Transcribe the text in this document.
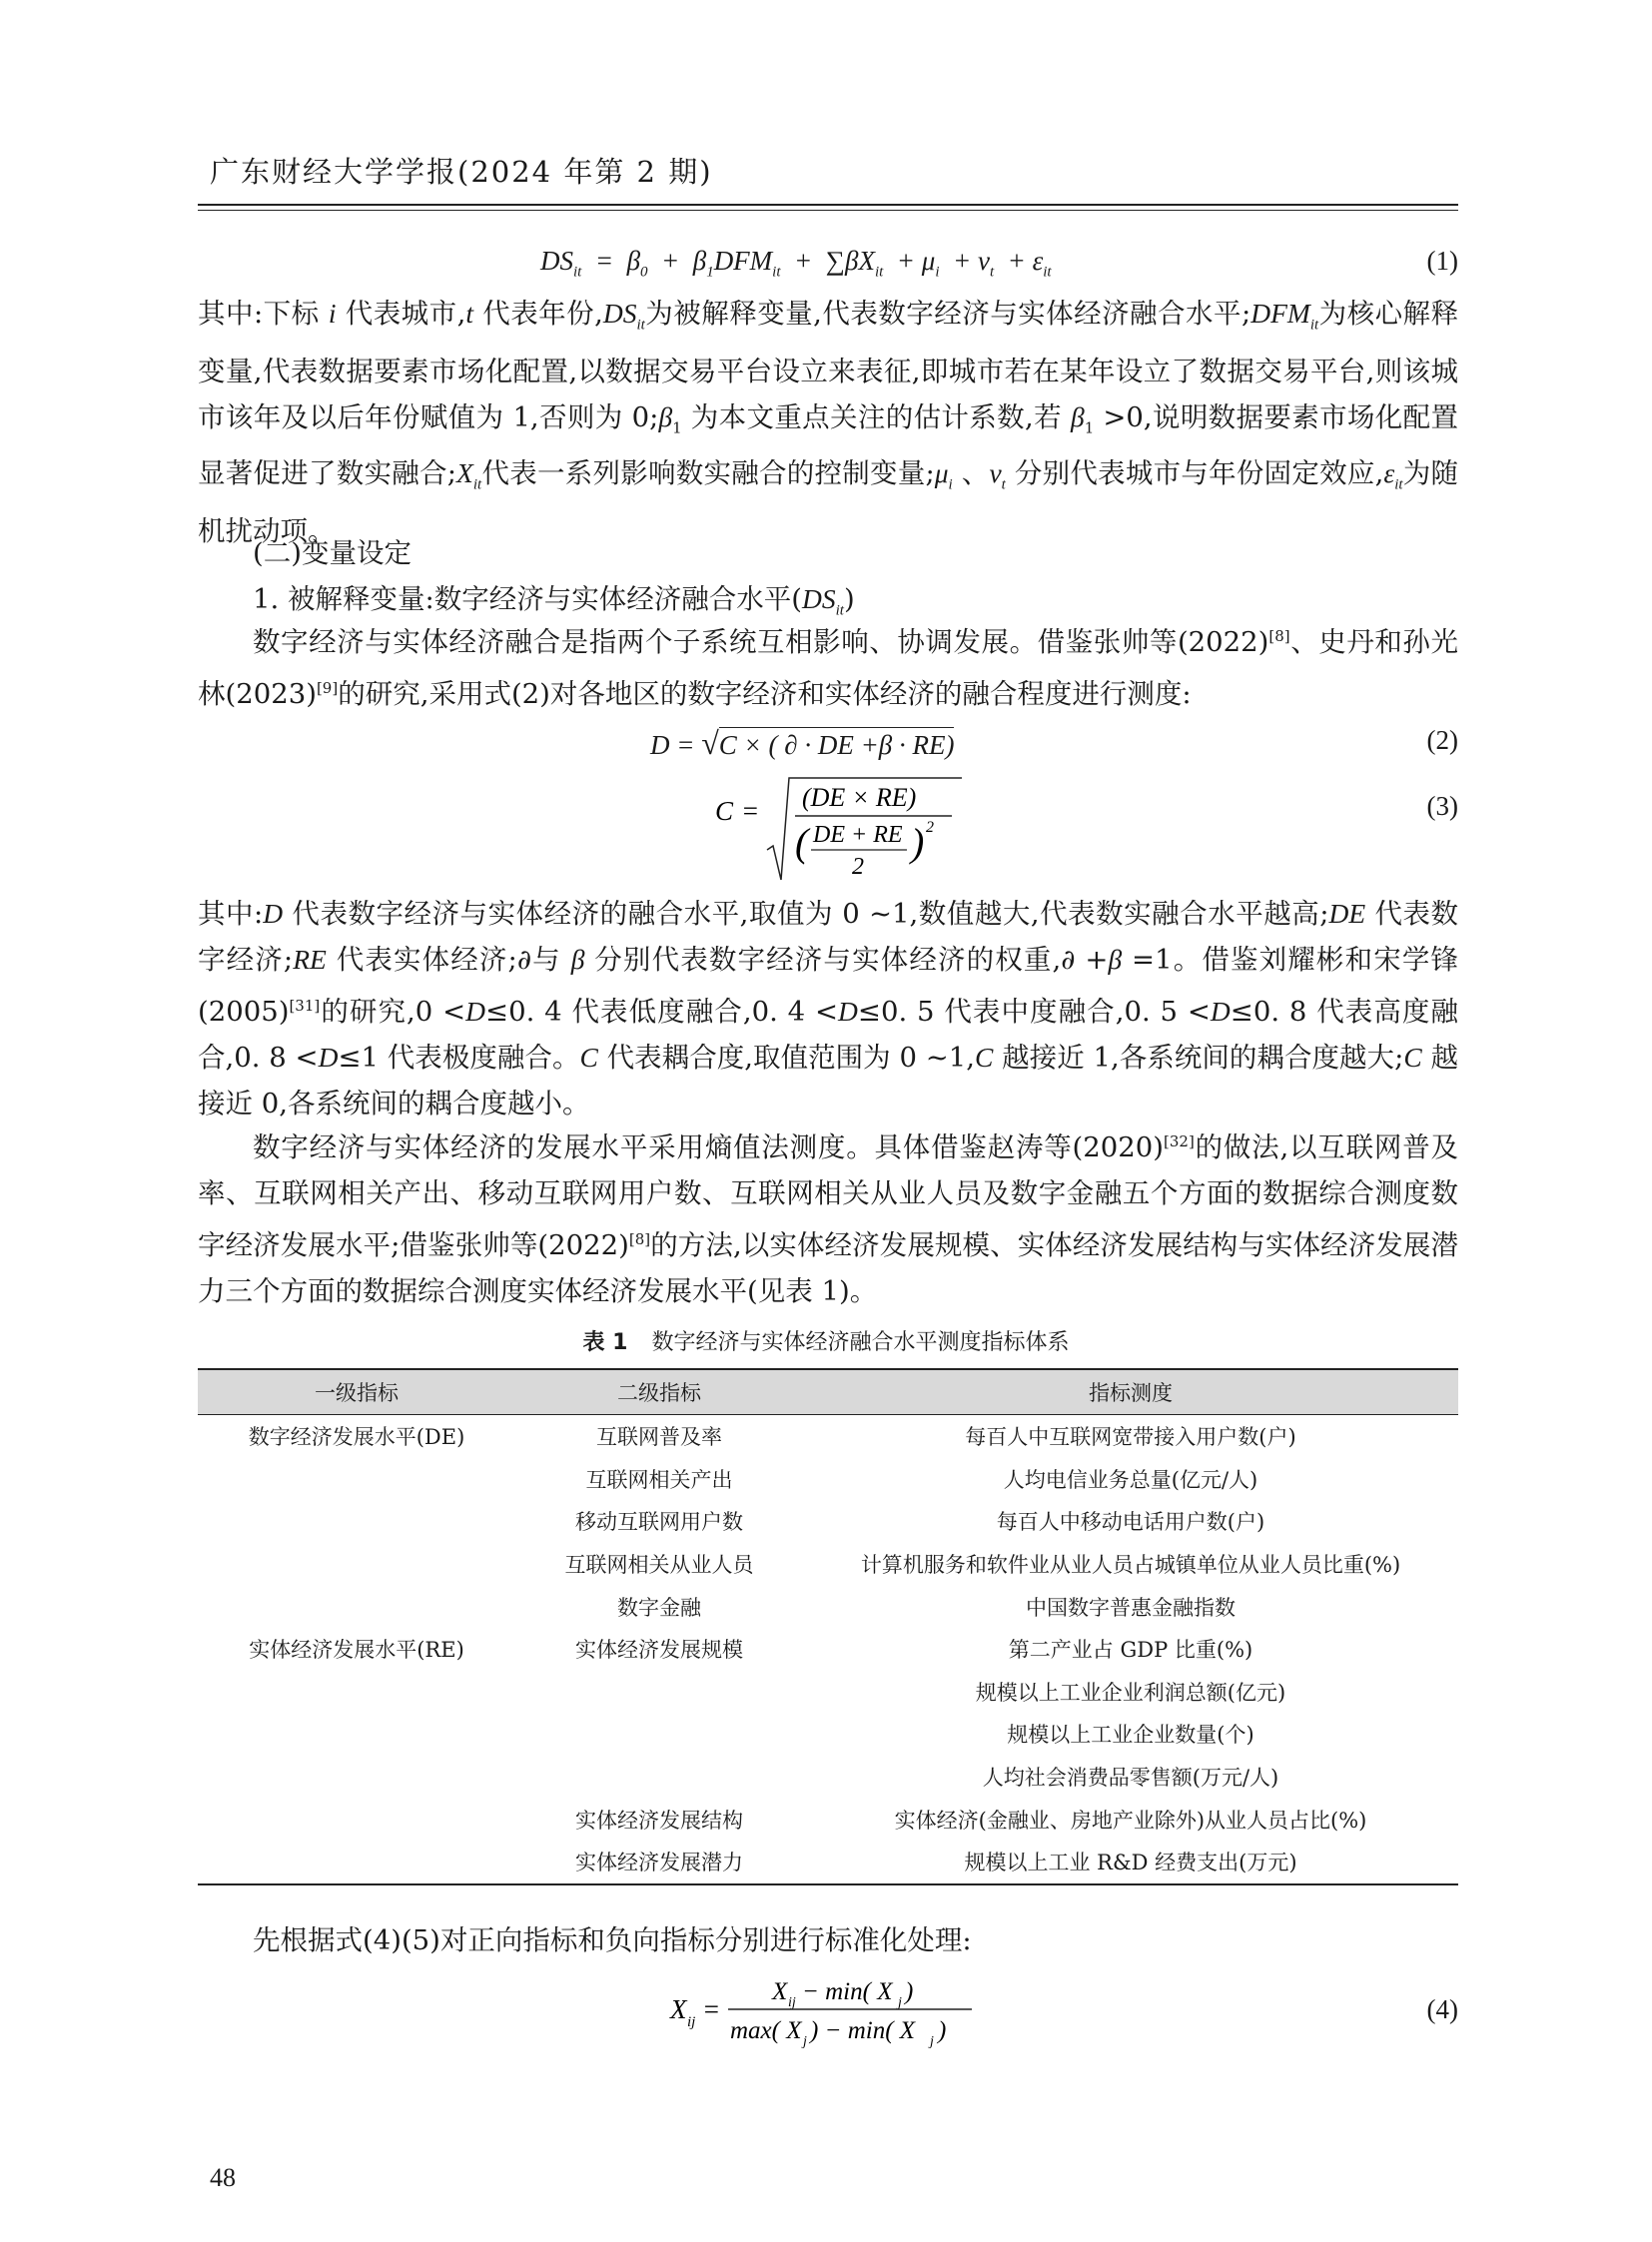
广东财经大学学报(2024 年第 2 期)
$DS_{it} = \beta_0 + \beta_1DFM_{it} + \sum\beta X_{it} + \mu_i + v_t + \varepsilon_{it}$	(1)

其中:下标 i 代表城市,t 代表年份$,DS_{it}$为被解释变量,代表数字经济与实体经济融合水平$;DFM_{it}$为核心解释变量,代表数据要素市场化配置,以数据交易平台设立来表征,即城市若在某年设立了数据交易平台,则该城市该年及以后年份赋值为 1,否则为 $0;\beta_1$ 为本文重点关注的估计系数,若 $\beta_1 >0$,说明数据要素市场化配置显著促进了数实融合$;X_{it}$代表一系列影响数实融合的控制变量$;\mu_i$ 、$v_t$ 分别代表城市与年份固定效应$,\varepsilon_{it}$为随机扰动项。

(二)变量设定
1. 被解释变量:数字经济与实体经济融合水平$(DS_{it})$

数字经济与实体经济融合是指两个子系统互相影响、协调发展。借鉴张帅等(2022)[8]、史丹和孙光林(2023)[9]的研究,采用式(2)对各地区的数字经济和实体经济的融合程度进行测度:

D = √C × ( ∂ · DE +β · RE)	(2)
C = (DE × RE)
( DE + RE
2
) 2
(3)

其中:D 代表数字经济与实体经济的融合水平,取值为 0 ~1,数值越大,代表数实融合水平越高;DE 代表数字经济;RE 代表实体经济;∂与 β 分别代表数字经济与实体经济的权重,∂ +β =1。借鉴刘耀彬和宋学锋(2005)[31]的研究,0 <D≤0. 4 代表低度融合,0. 4 <D≤0. 5 代表中度融合,0. 5 <D≤0. 8 代表高度融合,0. 8 <D≤1 代表极度融合。C 代表耦合度,取值范围为 0 ~1,C 越接近 1,各系统间的耦合度越大;C 越接近 0,各系统间的耦合度越小。

数字经济与实体经济的发展水平采用熵值法测度。具体借鉴赵涛等(2020)[32]的做法,以互联网普及率、互联网相关产出、移动互联网用户数、互联网相关从业人员及数字金融五个方面的数据综合测度数字经济发展水平;借鉴张帅等(2022)[8]的方法,以实体经济发展规模、实体经济发展结构与实体经济发展潜力三个方面的数据综合测度实体经济发展水平(见表 1)。

表 1 数字经济与实体经济融合水平测度指标体系
一级指标	二级指标	指标测度
数字经济发展水平(DE)	互联网普及率	每百人中互联网宽带接入用户数(户)
	互联网相关产出	人均电信业务总量(亿元/人)
	移动互联网用户数	每百人中移动电话用户数(户)
	互联网相关从业人员	计算机服务和软件业从业人员占城镇单位从业人员比重(%)
	数字金融	中国数字普惠金融指数
实体经济发展水平(RE)	实体经济发展规模	第二产业占 GDP 比重(%)
		规模以上工业企业利润总额(亿元)
		规模以上工业企业数量(个)
		人均社会消费品零售额(万元/人)
	实体经济发展结构	实体经济(金融业、房地产业除外)从业人员占比(%)
	实体经济发展潜力	规模以上工业 R&D 经费支出(万元)

先根据式(4)(5)对正向指标和负向指标分别进行标准化处理:

X ij =
X ij − min( X j )
max( X j ) − min( X j )
(4)
48
